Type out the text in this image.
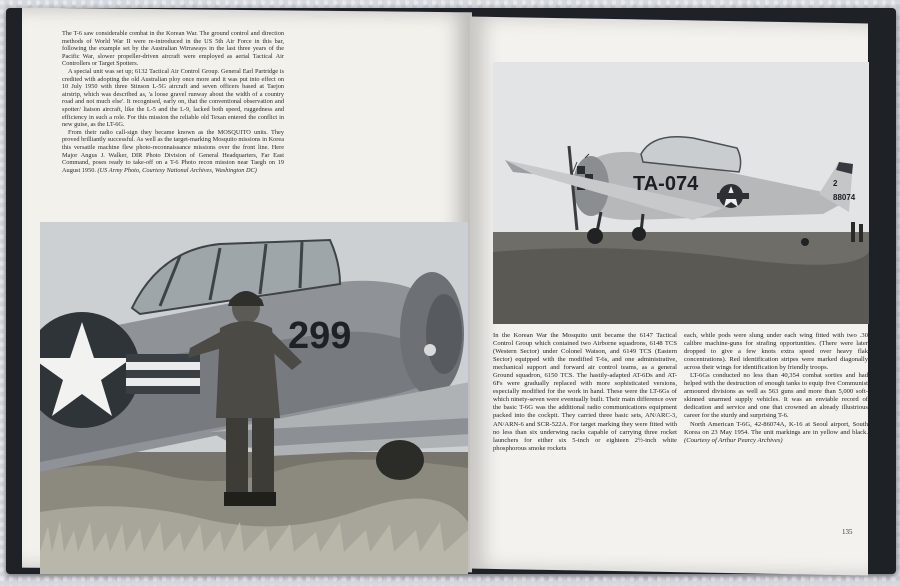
The T-6 saw considerable combat in the Korean War. The ground control and direction methods of World War II were re-introduced in the US 5th Air Force in this bar, following the example set by the Australian Wirraways in the last three years of the Pacific War, slower propeller-driven aircraft were employed as aerial Tactical Air Controllers or Target Spotters.

A special unit was set up; 6132 Tactical Air Control Group. General Earl Partridge is credited with adopting the old Australian ploy once more and it was put into effect on 10 July 1950 with three Stinson L-5G aircraft and seven officers based at Taejon airstrip, which was described as, 'a loose gravel runway about the width of a country road and not much else'. It recognised, early on, that the conventional observation and spotter/ liaison aircraft, like the L-5 and the L-9, lacked both speed, ruggedness and efficiency in such a role. For this mission the reliable old Texan entered the conflict in new guise, as the LT-6G.

From their radio call-sign they became known as the MOSQUITO units. They proved brilliantly successful. As well as the target-marking Mosquito missions in Korea this versatile machine flew photo-reconnaissance missions over the front line. Here Major Angus J. Walker, DIR Photo Division of General Headquarters, Far East Command, poses ready to take-off on a T-6 Photo recon mission near Taegh on 19 August 1950. (US Army Photo, Courtesy National Archives, Washington DC)

299
TA-074	2
88074

In the Korean War the Mosquito unit became the 6147 Tactical Control Group which contained two Airborne squadrons, 6148 TCS (Western Sector) under Colonel Watson, and 6149 TCS (Eastern Sector) equipped with the modified T-6s, and one administrative, mechanical support and forward air control teams, as a general Ground squadron, 6150 TCS. The hastily-adapted AT-6Ds and AT-6Fs were gradually replaced with more sophisticated versions, especially modified for the work in hand. These were the LT-6Gs of which ninety-seven were eventually built. Their main difference over the basic T-6G was the additional radio communications equipment packed into the cockpit. They carried three basic sets, AN/ARC-3, AN/ARN-6 and SCR-522A. For target marking they were fitted with no less than six underwing racks capable of carrying three rocket launchers for either six 5-inch or eighteen 2½-inch white phosphorous smoke rockets

each, while pods were slung under each wing fitted with two .30 calibre machine-guns for strafing opportunities. (There were later dropped to give a few knots extra speed over heavy flak concentrations). Red identification stripes were marked diagonally across their wings for identification by friendly troops.

LT-6Gs conducted no less than 40,354 combat sorties and had helped with the destruction of enough tanks to equip five Communist armoured divisions as well as 563 guns and more than 5,000 soft-skinned unarmed supply vehicles. It was an enviable record of dedication and service and one that crowned an already illustrious career for the sturdy and surprising T-6.

North American T-6G, 42-86074A, K-16 at Seoul airport, South Korea on 23 May 1954. The unit markings are in yellow and black. (Courtesy of Arthur Pearcy Archives)

135
